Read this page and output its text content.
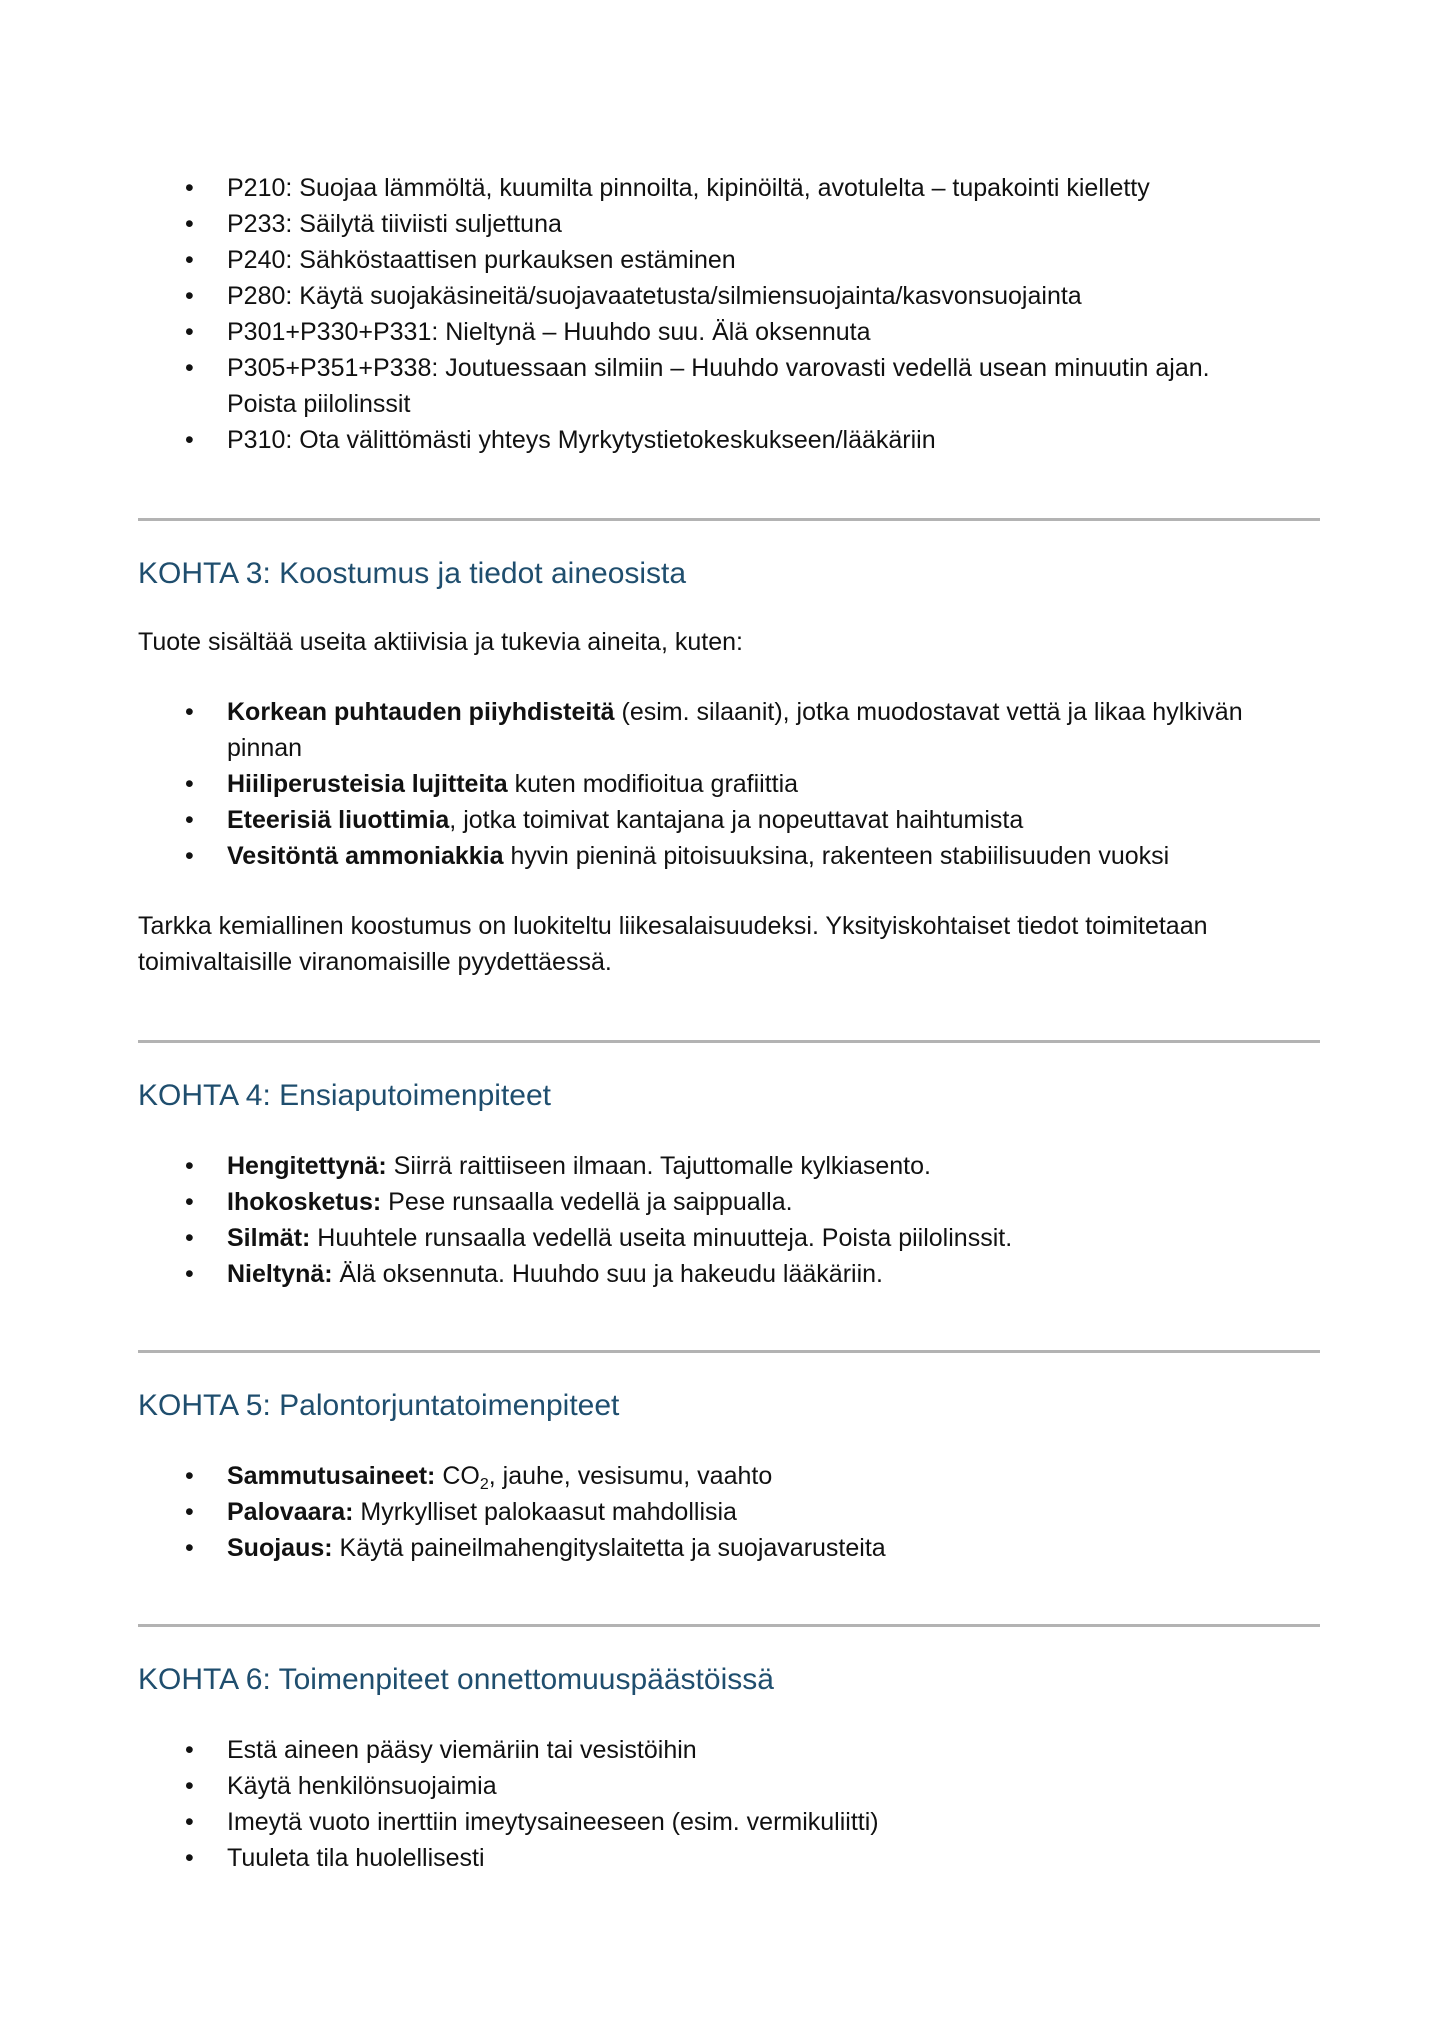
• P210: Suojaa lämmöltä, kuumilta pinnoilta, kipinöiltä, avotulelta – tupakointi kielletty
• P233: Säilytä tiiviisti suljettuna
• P240: Sähköstaattisen purkauksen estäminen
• P280: Käytä suojakäsineitä/suojavaatetusta/silmiensuojainta/kasvonsuojainta
• P301+P330+P331: Nieltynä – Huuhdo suu. Älä oksennuta
• P305+P351+P338: Joutuessaan silmiin – Huuhdo varovasti vedellä usean minuutin ajan. Poista piilolinssit
• P310: Ota välittömästi yhteys Myrkytystietokeskukseen/lääkäriin
KOHTA 3: Koostumus ja tiedot aineosista

Tuote sisältää useita aktiivisia ja tukevia aineita, kuten:

• Korkean puhtauden piiyhdisteitä (esim. silaanit), jotka muodostavat vettä ja likaa hylkivän pinnan
• Hiiliperusteisia lujitteita kuten modifioitua grafiittia
• Eteerisiä liuottimia, jotka toimivat kantajana ja nopeuttavat haihtumista
• Vesitöntä ammoniakkia hyvin pieninä pitoisuuksina, rakenteen stabiilisuuden vuoksi

Tarkka kemiallinen koostumus on luokiteltu liikesalaisuudeksi. Yksityiskohtaiset tiedot toimitetaan toimivaltaisille viranomaisille pyydettäessä.

KOHTA 4: Ensiaputoimenpiteet
• Hengitettynä: Siirrä raittiiseen ilmaan. Tajuttomalle kylkiasento.
• Ihokosketus: Pese runsaalla vedellä ja saippualla.
• Silmät: Huuhtele runsaalla vedellä useita minuutteja. Poista piilolinssit.
• Nieltynä: Älä oksennuta. Huuhdo suu ja hakeudu lääkäriin.
KOHTA 5: Palontorjuntatoimenpiteet
• Sammutusaineet: $CO_2$, jauhe, vesisumu, vaahto
• Palovaara: Myrkylliset palokaasut mahdollisia
• Suojaus: Käytä paineilmahengityslaitetta ja suojavarusteita
KOHTA 6: Toimenpiteet onnettomuuspäästöissä
• Estä aineen pääsy viemäriin tai vesistöihin
• Käytä henkilönsuojaimia
• Imeytä vuoto inerttiin imeytysaineeseen (esim. vermikuliitti)
• Tuuleta tila huolellisesti
